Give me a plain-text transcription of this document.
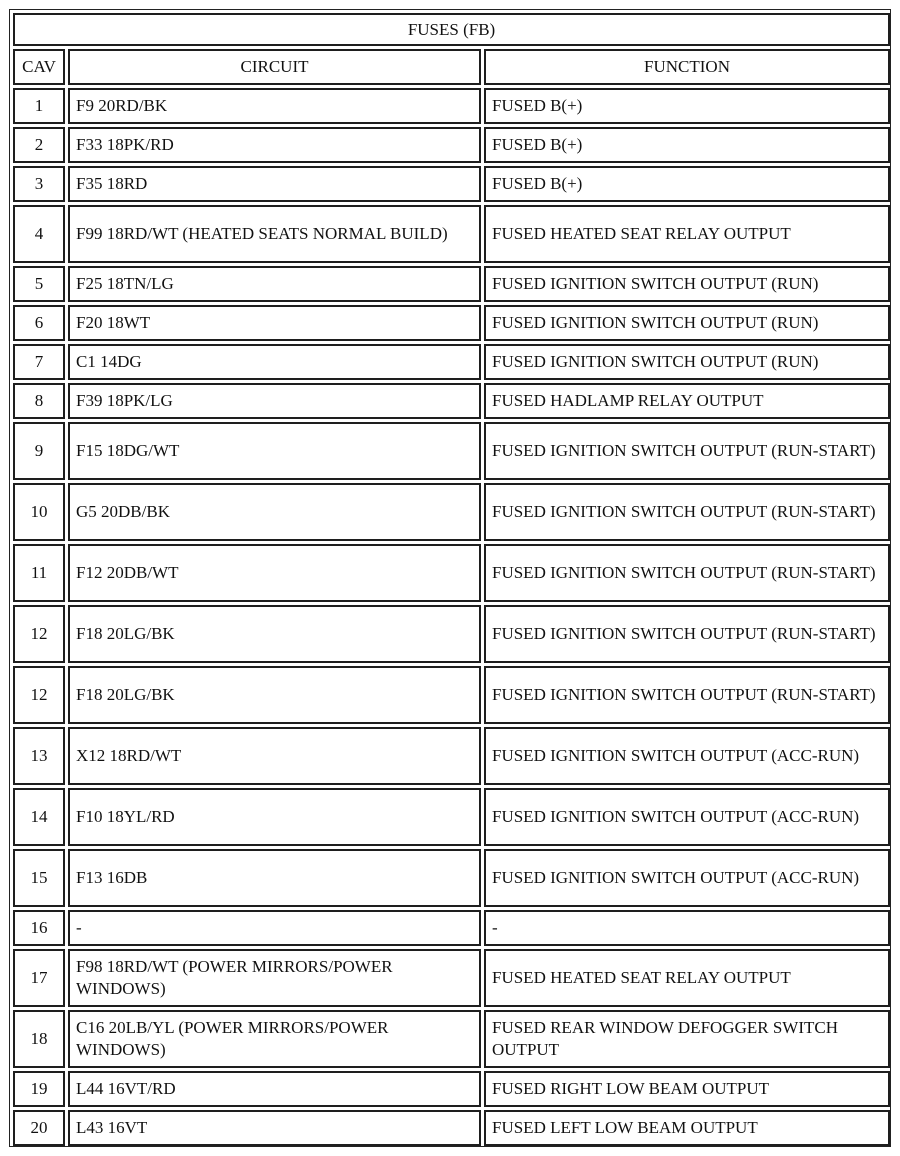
FUSES (FB)		
CAV	CIRCUIT	FUNCTION
1	F9 20RD/BK	FUSED B(+)
2	F33 18PK/RD	FUSED B(+)
3	F35 18RD	FUSED B(+)
4	F99 18RD/WT (HEATED SEATS NORMAL BUILD)	FUSED HEATED SEAT RELAY OUTPUT
5	F25 18TN/LG	FUSED IGNITION SWITCH OUTPUT (RUN)
6	F20 18WT	FUSED IGNITION SWITCH OUTPUT (RUN)
7	C1 14DG	FUSED IGNITION SWITCH OUTPUT (RUN)
8	F39 18PK/LG	FUSED HADLAMP RELAY OUTPUT
9	F15 18DG/WT	FUSED IGNITION SWITCH OUTPUT (RUN-START)
10	G5 20DB/BK	FUSED IGNITION SWITCH OUTPUT (RUN-START)
11	F12 20DB/WT	FUSED IGNITION SWITCH OUTPUT (RUN-START)
12	F18 20LG/BK	FUSED IGNITION SWITCH OUTPUT (RUN-START)
12	F18 20LG/BK	FUSED IGNITION SWITCH OUTPUT (RUN-START)
13	X12 18RD/WT	FUSED IGNITION SWITCH OUTPUT (ACC-RUN)
14	F10 18YL/RD	FUSED IGNITION SWITCH OUTPUT (ACC-RUN)
15	F13 16DB	FUSED IGNITION SWITCH OUTPUT (ACC-RUN)
16	-	-
17	F98 18RD/WT (POWER MIRRORS/POWER WINDOWS)	FUSED HEATED SEAT RELAY OUTPUT
18	C16 20LB/YL (POWER MIRRORS/POWER WINDOWS)	FUSED REAR WINDOW DEFOGGER SWITCH OUTPUT
19	L44 16VT/RD	FUSED RIGHT LOW BEAM OUTPUT
20	L43 16VT	FUSED LEFT LOW BEAM OUTPUT
